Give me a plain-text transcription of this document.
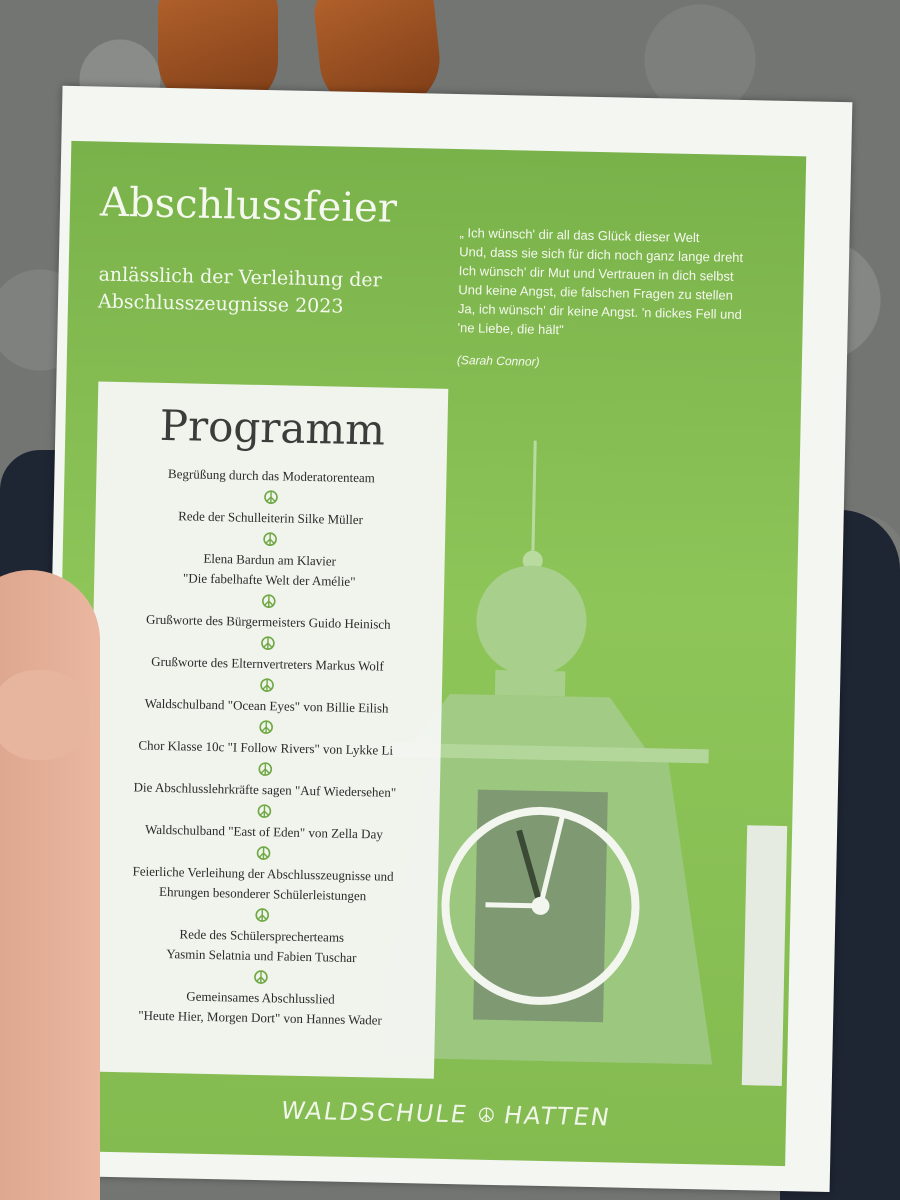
Abschlussfeier
anlässlich der Verleihung der
Abschlusszeugnisse 2023
„ Ich wünsch' dir all das Glück dieser Welt
Und, dass sie sich für dich noch ganz lange dreht
Ich wünsch' dir Mut und Vertrauen in dich selbst
Und keine Angst, die falschen Fragen zu stellen
Ja, ich wünsch' dir keine Angst. 'n dickes Fell und
'ne Liebe, die hält"
(Sarah Connor)
Programm
Begrüßung durch das Moderatorenteam
Rede der Schulleiterin Silke Müller
Elena Bardun am Klavier
"Die fabelhafte Welt der Amélie"
Grußworte des Bürgermeisters Guido Heinisch
Grußworte des Elternvertreters Markus Wolf
Waldschulband "Ocean Eyes" von Billie Eilish
Chor Klasse 10c "I Follow Rivers" von Lykke Li
Die Abschlusslehrkräfte sagen "Auf Wiedersehen"
Waldschulband "East of Eden" von Zella Day
Feierliche Verleihung der Abschlusszeugnisse und
Ehrungen besonderer Schülerleistungen
Rede des Schülersprecherteams
Yasmin Selatnia und Fabien Tuschar
Gemeinsames Abschlusslied
"Heute Hier, Morgen Dort" von Hannes Wader
WALDSCHULE HATTEN
